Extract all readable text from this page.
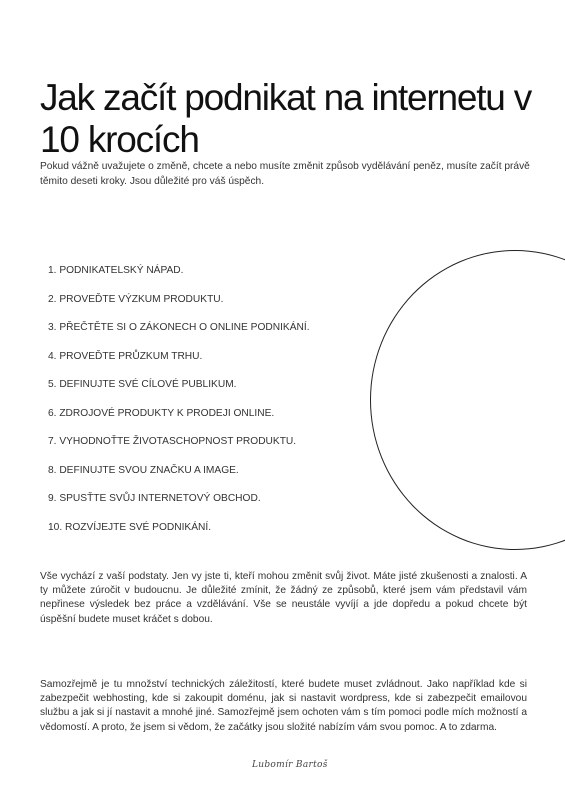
Jak začít podnikat na internetu v 10 krocích

Pokud vážně uvažujete o změně, chcete a nebo musíte změnit způsob vydělávání peněz, musíte začít právě těmito deseti kroky. Jsou důležité pro váš úspěch.

1. PODNIKATELSKÝ NÁPAD.
2. PROVEĎTE VÝZKUM PRODUKTU.
3. PŘEČTĚTE SI O ZÁKONECH O ONLINE PODNIKÁNÍ.
4. PROVEĎTE PRŮZKUM TRHU.
5. DEFINUJTE SVÉ CÍLOVÉ PUBLIKUM.
6. ZDROJOVÉ PRODUKTY K PRODEJI ONLINE.
7. VYHODNOŤTE ŽIVOTASCHOPNOST PRODUKTU.
8. DEFINUJTE SVOU ZNAČKU A IMAGE.
9. SPUSŤTE SVŮJ INTERNETOVÝ OBCHOD.
10. ROZVÍJEJTE SVÉ PODNIKÁNÍ.

Vše vychází z vaší podstaty. Jen vy jste ti, kteří mohou změnit svůj život. Máte jisté zkušenosti a znalosti. A ty můžete zúročit v budoucnu. Je důležité zmínit, že žádný ze způsobů, které jsem vám představil vám nepřinese výsledek bez práce a vzdělávání. Vše se neustále vyvíjí a jde dopředu a pokud chcete být úspěšní budete muset kráčet s dobou.

Samozřejmě je tu množství technických záležitostí, které budete muset zvládnout. Jako například kde si zabezpečit webhosting, kde si zakoupit doménu, jak si nastavit wordpress, kde si zabezpečit emailovou službu a jak si jí nastavit a mnohé jiné. Samozřejmě jsem ochoten vám s tím pomoci podle mích možností a vědomostí. A proto, že jsem si vědom, že začátky jsou složité nabízím vám svou pomoc. A to zdarma.

Lubomír Bartoš
